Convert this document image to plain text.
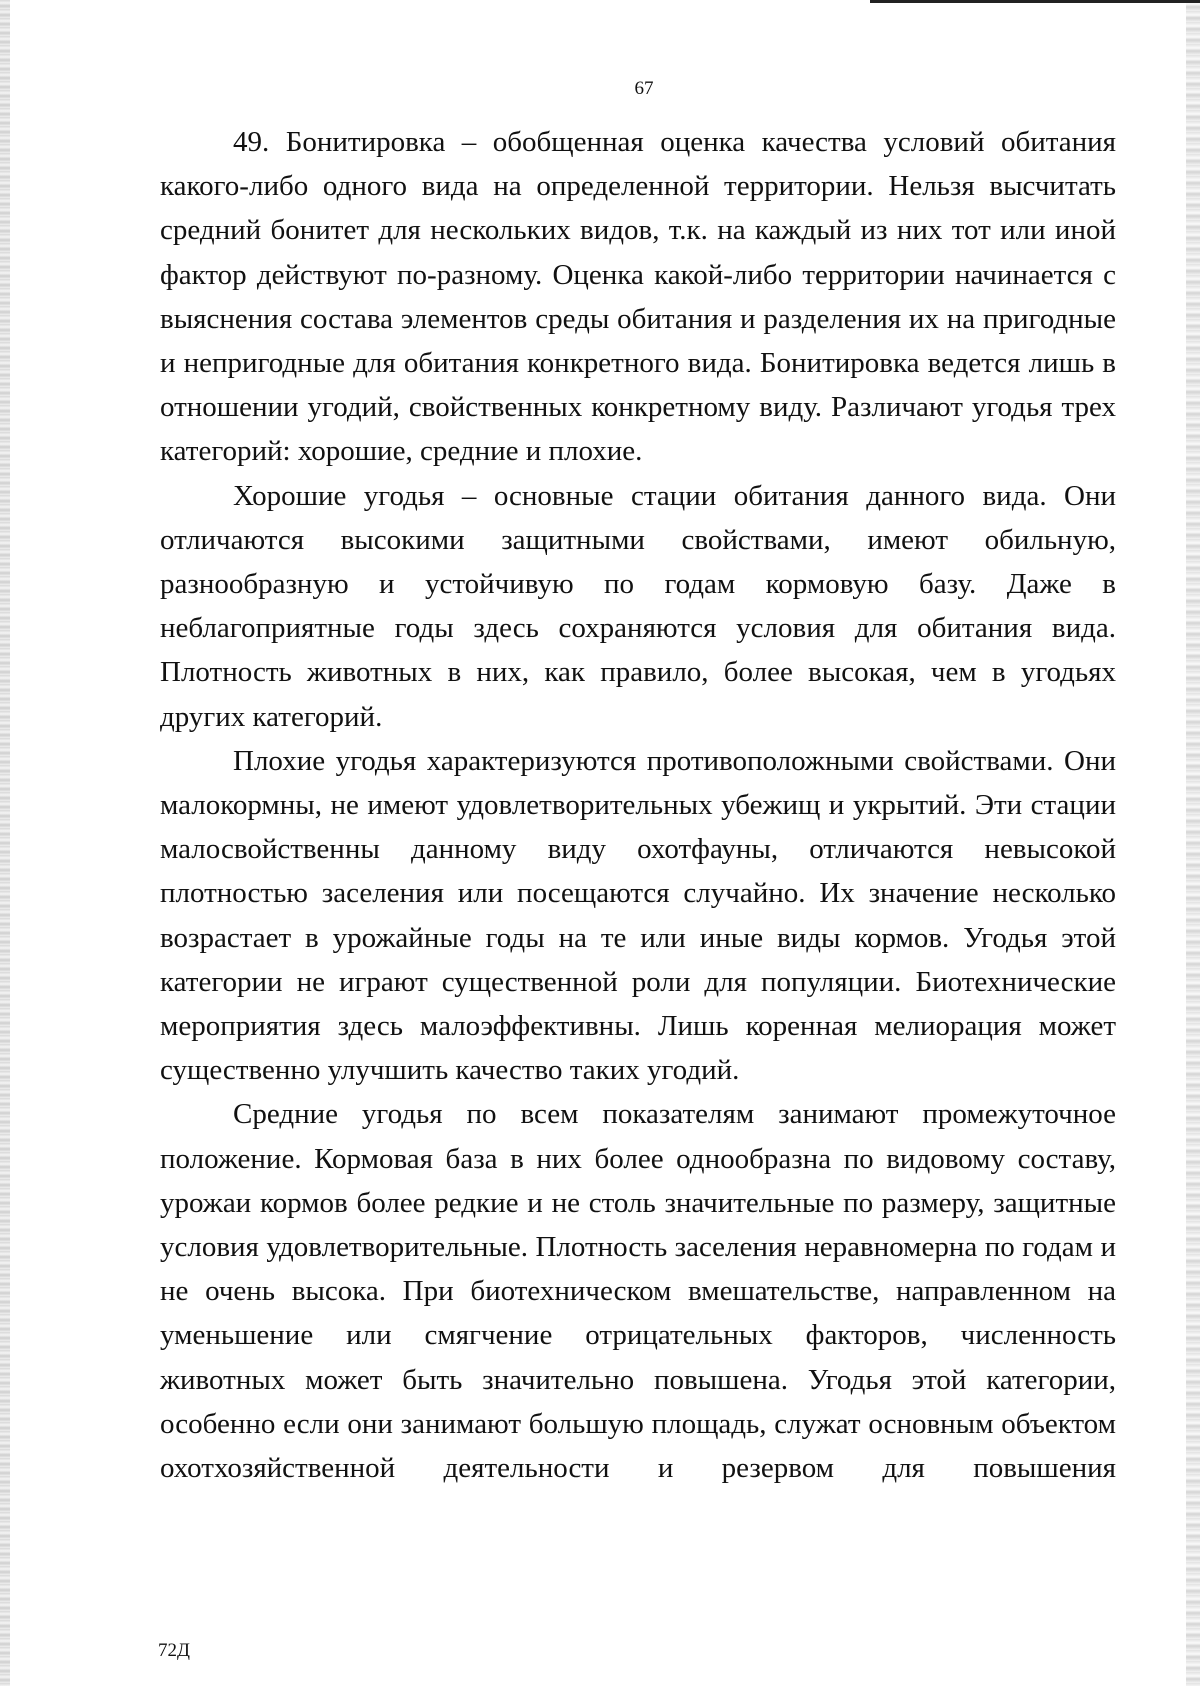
67

49. Бонитировка – обобщенная оценка качества условий обитания какого-либо одного вида на определенной территории. Нельзя высчитать средний бонитет для нескольких видов, т.к. на каждый из них тот или иной фактор действуют по-разному. Оценка какой-либо территории начинается с выяснения состава элементов среды обитания и разделения их на пригодные и непригодные для обитания конкретного вида. Бонитировка ведется лишь в отношении угодий, свойственных конкретному виду. Различают угодья трех категорий: хорошие, средние и плохие.

Хорошие угодья – основные стации обитания данного вида. Они отличаются высокими защитными свойствами, имеют обильную, разнообразную и устойчивую по годам кормовую базу. Даже в неблагоприятные годы здесь сохраняются условия для обитания вида. Плотность животных в них, как правило, более высокая, чем в угодьях других категорий.

Плохие угодья характеризуются противоположными свойствами. Они малокормны, не имеют удовлетворительных убежищ и укрытий. Эти стации малосвойственны данному виду охотфауны, отличаются невысокой плотностью заселения или посещаются случайно. Их значение несколько возрастает в урожайные годы на те или иные виды кормов. Угодья этой категории не играют существенной роли для популяции. Биотехнические мероприятия здесь малоэффективны. Лишь коренная мелиорация может существенно улучшить качество таких угодий.

Средние угодья по всем показателям занимают промежуточное положение. Кормовая база в них более однообразна по видовому составу, урожаи кормов более редкие и не столь значительные по размеру, защитные условия удовлетворительные. Плотность заселения неравномерна по годам и не очень высока. При биотехническом вмешательстве, направленном на уменьшение или смягчение отрицательных факторов, численность животных может быть значительно повышена. Угодья этой категории, особенно если они занимают большую площадь, служат основным объектом охотхозяйственной деятельности и резервом для повышения

72Д
